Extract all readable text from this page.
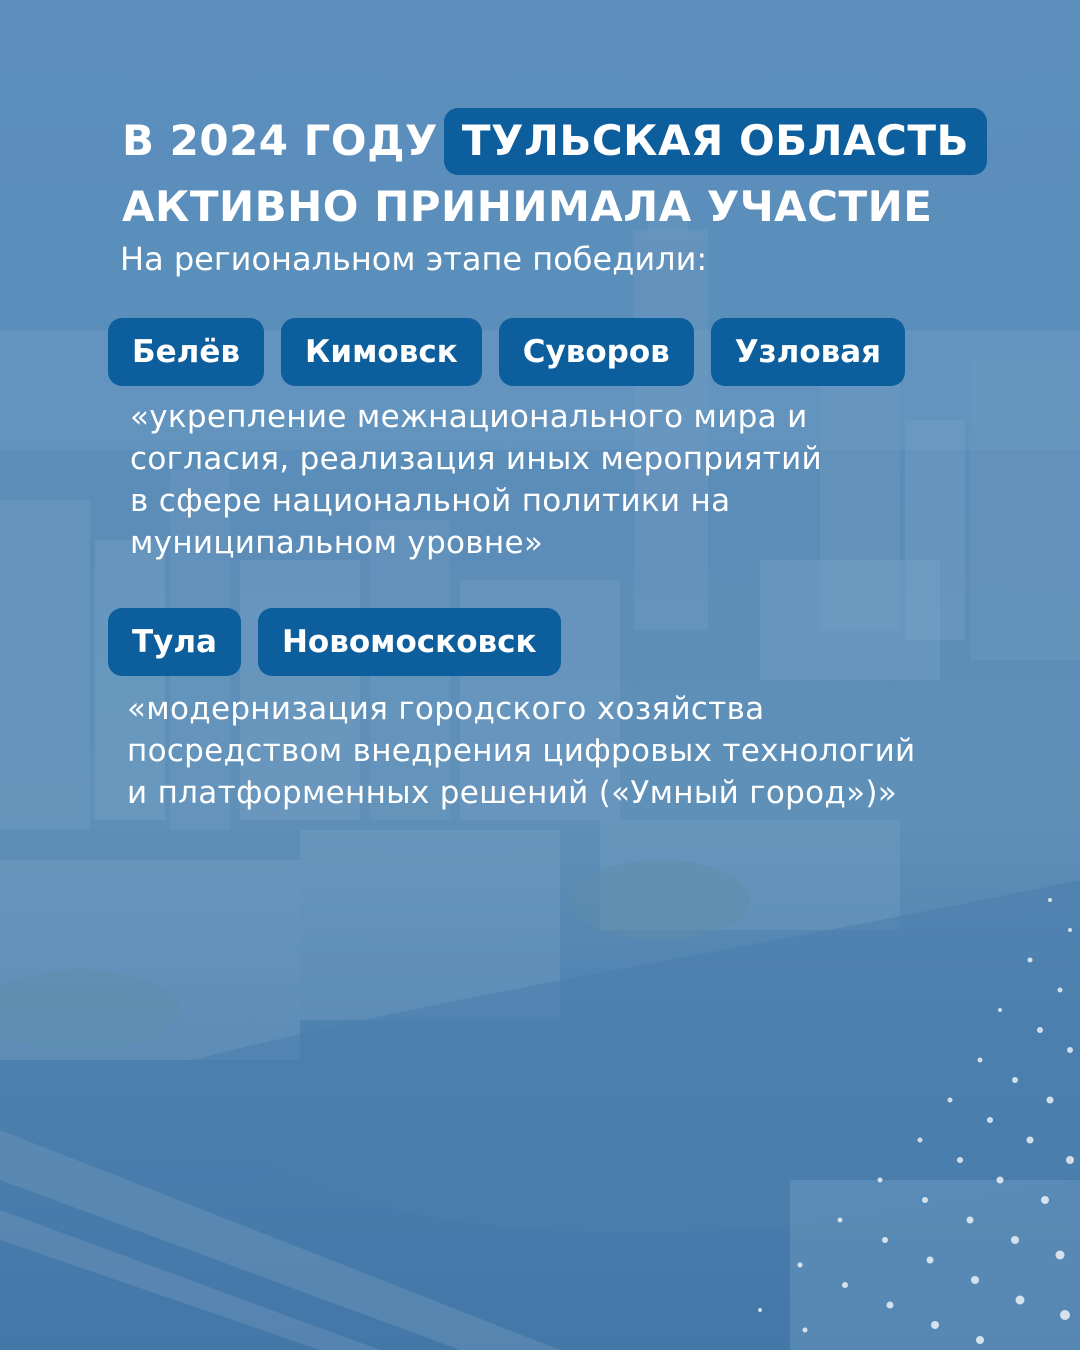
В 2024 ГОДУ ТУЛЬСКАЯ ОБЛАСТЬ
АКТИВНО ПРИНИМАЛА УЧАСТИЕ
На региональном этапе победили:
Белёв	Кимовск	Суворов	Узловая
«укрепление межнационального мира и
согласия, реализация иных мероприятий
в сфере национальной политики на
муниципальном уровне»
Тула	Новомосковск
«модернизация городского хозяйства
посредством внедрения цифровых технологий
и платформенных решений («Умный город»)»
